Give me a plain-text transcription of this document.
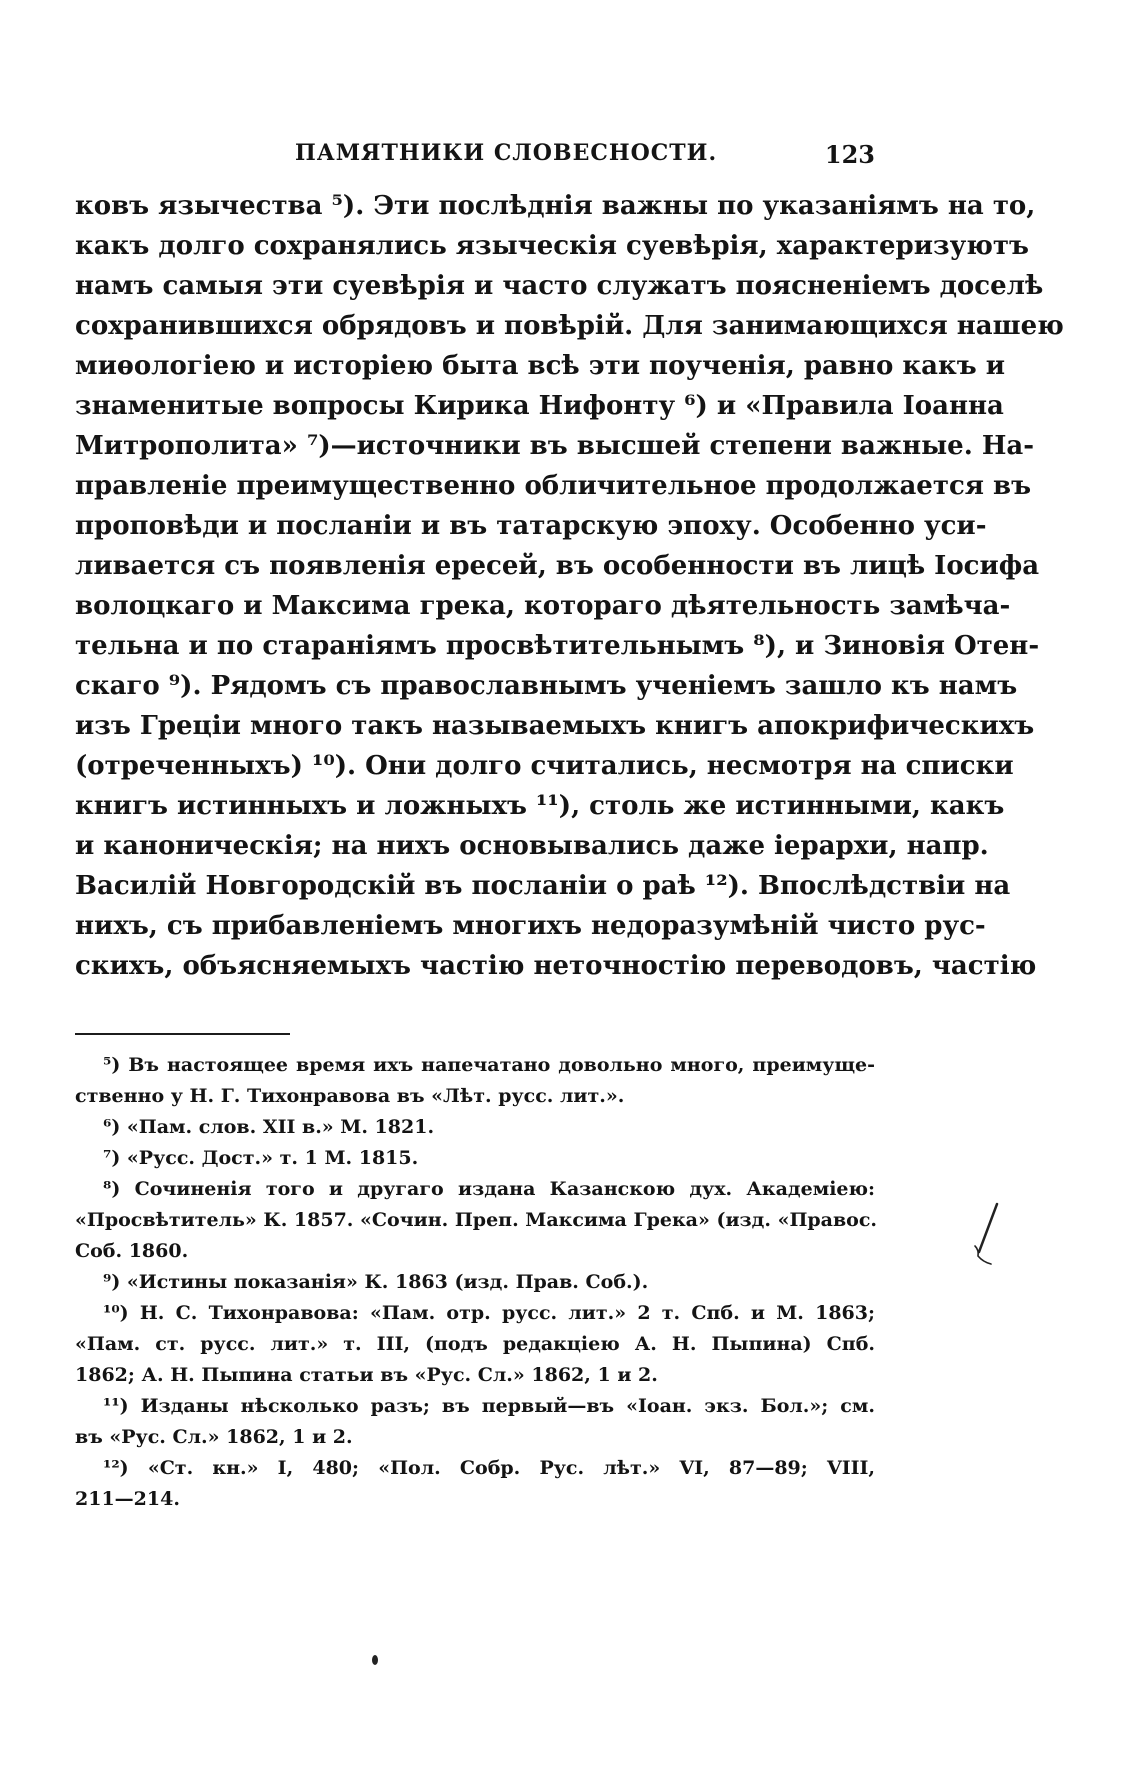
ПАМЯТНИКИ СЛОВЕСНОСТИ.	123
ковъ язычества ⁵). Эти послѣднія важны по указаніямъ на то,
какъ долго сохранялись языческія суевѣрія, характеризуютъ
намъ самыя эти суевѣрія и часто служатъ поясненіемъ доселѣ
сохранившихся обрядовъ и повѣрій. Для занимающихся нашею
миѳологіею и исторіею быта всѣ эти поученія, равно какъ и
знаменитые вопросы Кирика Нифонту ⁶) и «Правила Іоанна
Митрополита» ⁷)—источники въ высшей степени важные. На-
правленіе преимущественно обличительное продолжается въ
проповѣди и посланіи и въ татарскую эпоху. Особенно уси-
ливается съ появленія ересей, въ особенности въ лицѣ Іосифа
волоцкаго и Максима грека, котораго дѣятельность замѣча-
тельна и по стараніямъ просвѣтительнымъ ⁸), и Зиновія Отен-
скаго ⁹). Рядомъ съ православнымъ ученіемъ зашло къ намъ
изъ Греціи много такъ называемыхъ книгъ апокрифическихъ
(отреченныхъ) ¹⁰). Они долго считались, несмотря на списки
книгъ истинныхъ и ложныхъ ¹¹), столь же истинными, какъ
и каноническія; на нихъ основывались даже іерархи, напр.
Василій Новгородскій въ посланіи о раѣ ¹²). Впослѣдствіи на
нихъ, съ прибавленіемъ многихъ недоразумѣній чисто рус-
скихъ, объясняемыхъ частію неточностію переводовъ, частію
⁵) Въ настоящее время ихъ напечатано довольно много, преимуще-
ственно у Н. Г. Тихонравова въ «Лѣт. русс. лит.».
⁶) «Пам. слов. XII в.» М. 1821.
⁷) «Русс. Дост.» т. 1 М. 1815.
⁸) Сочиненія того и другаго издана Казанскою дух. Академіею:
«Просвѣтитель» К. 1857. «Сочин. Преп. Максима Грека» (изд. «Правос.
Соб. 1860.
⁹) «Истины показанія» К. 1863 (изд. Прав. Соб.).
¹⁰) Н. С. Тихонравова: «Пам. отр. русс. лит.» 2 т. Спб. и М. 1863;
«Пам. ст. русс. лит.» т. III, (подъ редакціею А. Н. Пыпина) Спб.
1862; А. Н. Пыпина статьи въ «Рус. Сл.» 1862, 1 и 2.
¹¹) Изданы нѣсколько разъ; въ первый—въ «Іоан. экз. Бол.»; см.
въ «Рус. Сл.» 1862, 1 и 2.
¹²) «Ст. кн.» I, 480; «Пол. Собр. Рус. лѣт.» VI, 87—89; VIII,
211—214.
